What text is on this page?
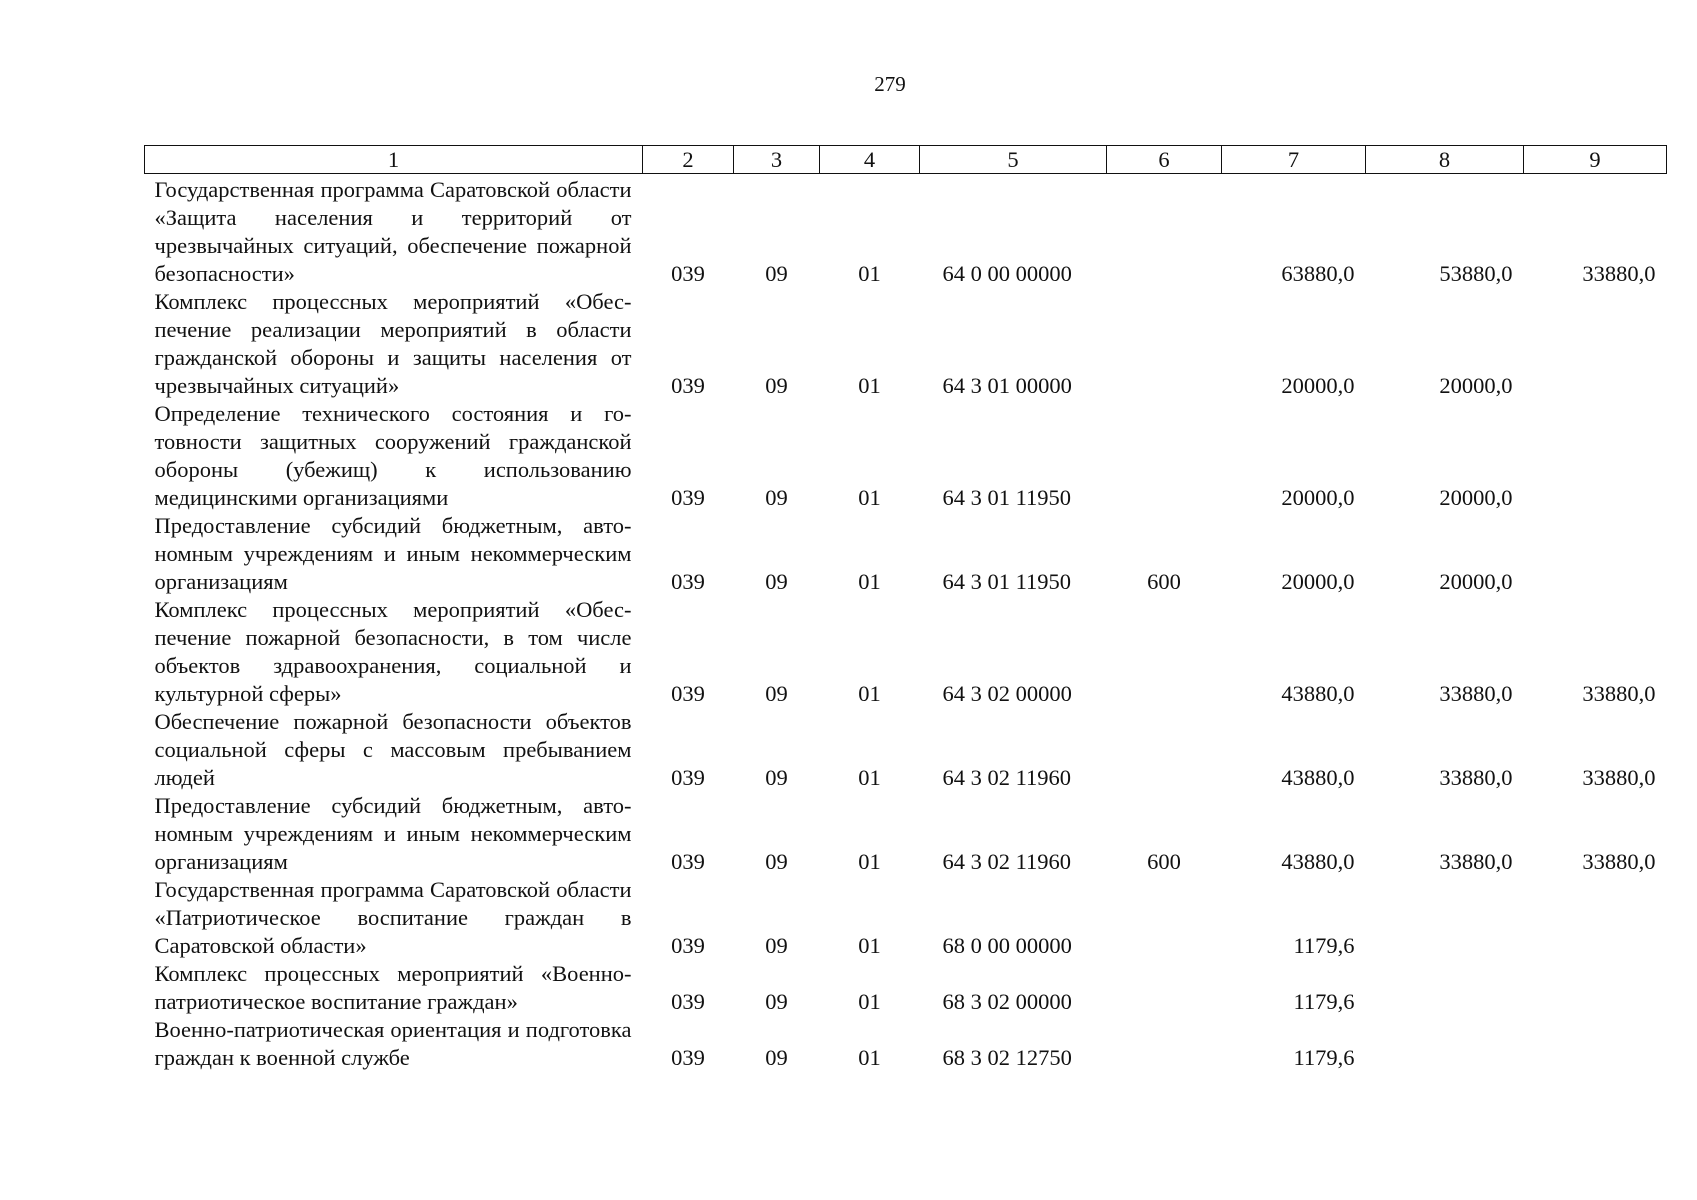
279
1	2	3	4	5	6	7	8	9
Государственная программа Саратовской области «Защита населения и территорий от чрезвычайных ситуаций, обеспечение пожарной безопасности»	039	09	01	64 0 00 00000		63880,0	53880,0	33880,0
Комплекс процессных мероприятий «Обеспечение реализации мероприятий в области гражданской обороны и защиты населения от чрезвычайных ситуаций»	039	09	01	64 3 01 00000		20000,0	20000,0	
Определение технического состояния и готовности защитных сооружений гражданской обороны (убежищ) к использованию медицинскими организациями	039	09	01	64 3 01 11950		20000,0	20000,0	
Предоставление субсидий бюджетным, автономным учреждениям и иным некоммерческим организациям	039	09	01	64 3 01 11950	600	20000,0	20000,0	
Комплекс процессных мероприятий «Обеспечение пожарной безопасности, в том числе объектов здравоохранения, социальной и культурной сферы»	039	09	01	64 3 02 00000		43880,0	33880,0	33880,0
Обеспечение пожарной безопасности объектов социальной сферы с массовым пребыванием людей	039	09	01	64 3 02 11960		43880,0	33880,0	33880,0
Предоставление субсидий бюджетным, автономным учреждениям и иным некоммерческим организациям	039	09	01	64 3 02 11960	600	43880,0	33880,0	33880,0
Государственная программа Саратовской области «Патриотическое воспитание граждан в Саратовской области»	039	09	01	68 0 00 00000		1179,6		
Комплекс процессных мероприятий «Военно-патриотическое воспитание граждан»	039	09	01	68 3 02 00000		1179,6		
Военно-патриотическая ориентация и подготовка граждан к военной службе	039	09	01	68 3 02 12750		1179,6		
